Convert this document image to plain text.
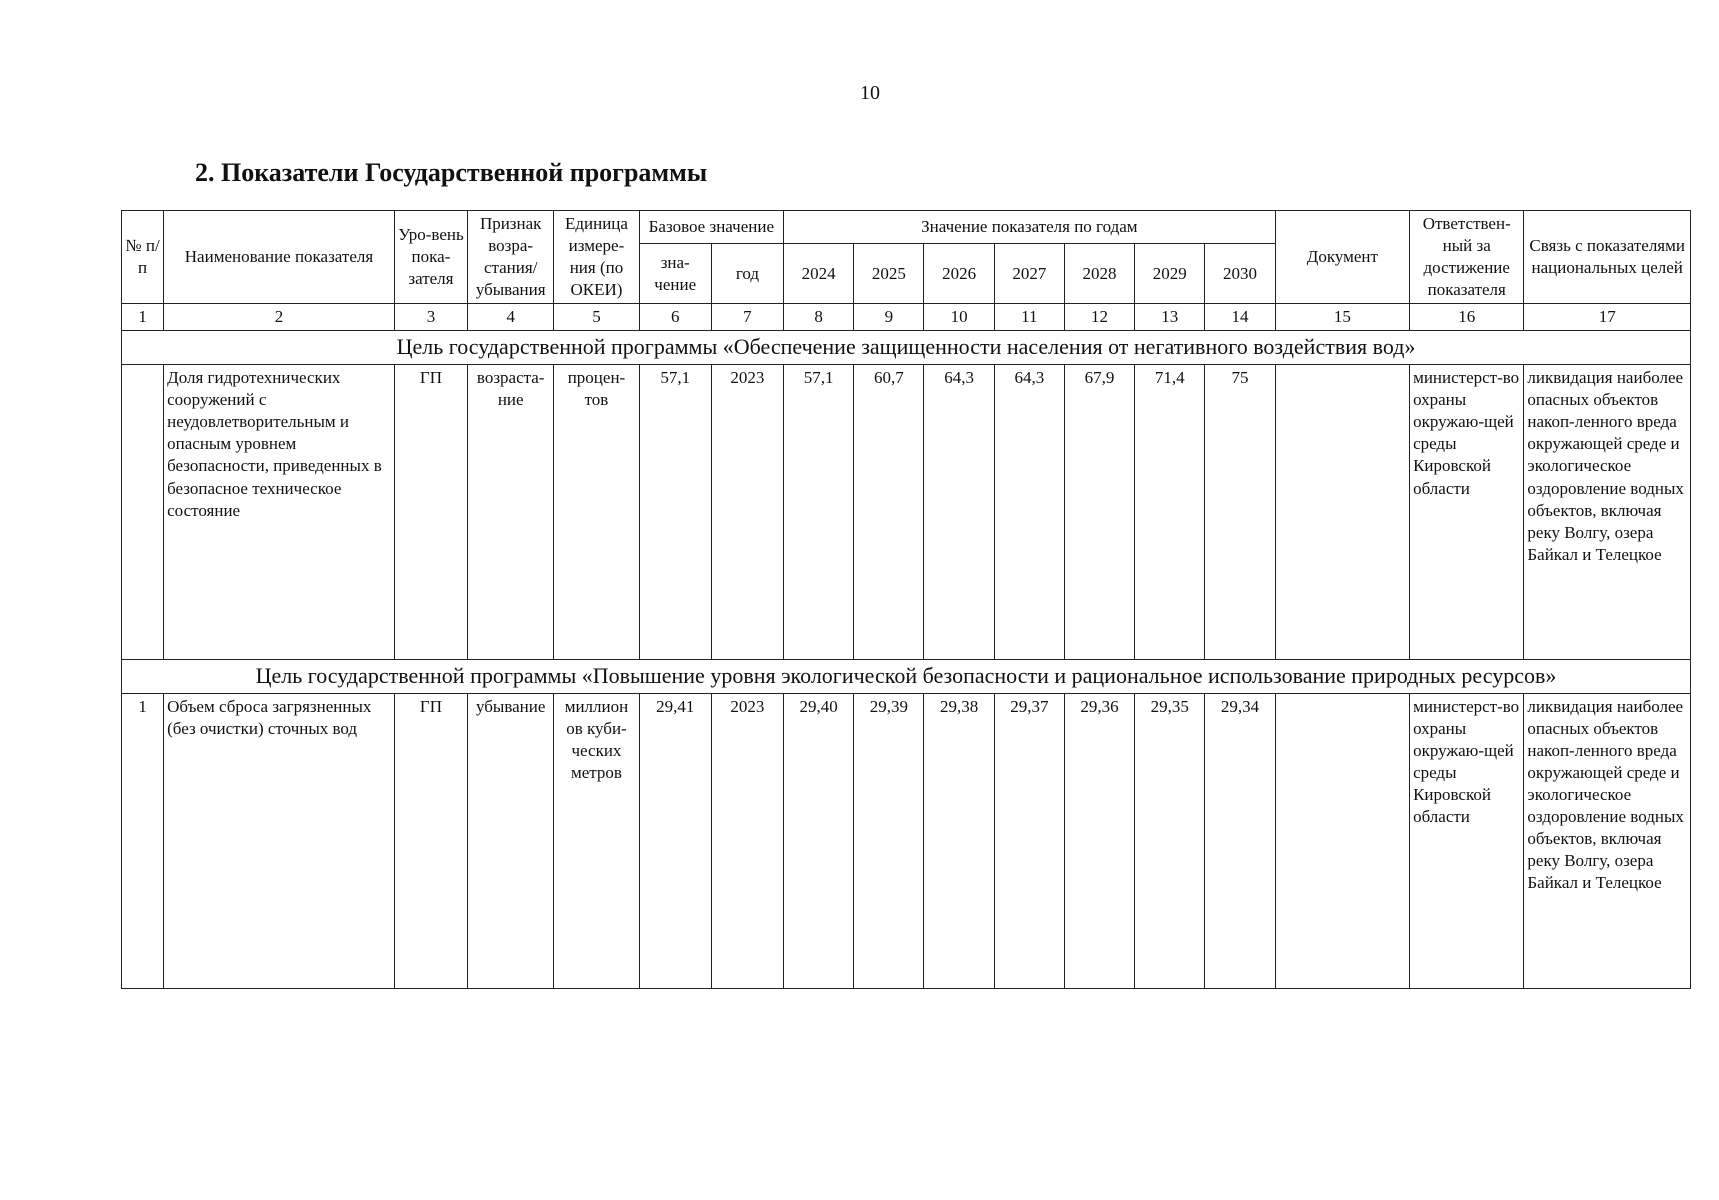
10
2. Показатели Государственной программы
№ п/п	Наименование показателя	Уро-вень пока-зателя	Признак возра-стания/ убывания	Единица измере-ния (по ОКЕИ)	Базовое значение		Значение показателя по годам							Документ	Ответствен-ный за достижение показателя	Связь с показателями национальных целей
					зна-чение	год	2024	2025	2026	2027	2028	2029	2030			
1	2	3	4	5	6	7	8	9	10	11	12	13	14	15	16	17
Цель государственной программы «Обеспечение защищенности населения от негативного воздействия вод»																
	Доля гидротехнических сооружений с неудовлетворительным и опасным уровнем безопасности, приведенных в безопасное техническое состояние	ГП	возраста-ние	процен-тов	57,1	2023	57,1	60,7	64,3	64,3	67,9	71,4	75		министерст-во охраны окружаю-щей среды Кировской области	ликвидация наиболее опасных объектов накоп-ленного вреда окружающей среде и экологическое оздоровление водных объектов, включая реку Волгу, озера Байкал и Телецкое
Цель государственной программы «Повышение уровня экологической безопасности и рациональное использование природных ресурсов»																
1	Объем сброса загрязненных (без очистки) сточных вод	ГП	убывание	миллион ов куби-ческих метров	29,41	2023	29,40	29,39	29,38	29,37	29,36	29,35	29,34		министерст-во охраны окружаю-щей среды Кировской области	ликвидация наиболее опасных объектов накоп-ленного вреда окружающей среде и экологическое оздоровление водных объектов, включая реку Волгу, озера Байкал и Телецкое
